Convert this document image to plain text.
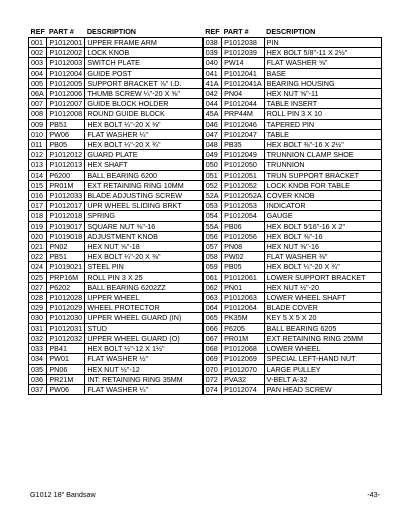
REF	PART #	DESCRIPTION
001	P1012001	UPPER FRAME ARM
002	P1012002	LOCK KNOB
003	P1012003	SWITCH PLATE
004	P1012004	GUIDE POST
005	P1012005	SUPPORT BRACKET ⅞" I.D.
06A	P1012006	THUMB SCREW ¼"-20 X ⅝"
007	P1012007	GUIDE BLOCK HOLDER
008	P1012008	ROUND GUIDE BLOCK
009	PB51	HEX BOLT ¼"-20 X ⅜"
010	PW06	FLAT WASHER ¼"
011	PB05	HEX BOLT ¼"-20 X ¾"
012	P1012012	GUARD PLATE
013	P1012013	HEX SHAFT
014	P6200	BALL BEARING 6200
015	PR01M	EXT RETAINING RING 10MM
016	P1012033	BLADE ADJUSTING SCREW
017	P1012017	UPR WHEEL SLIDING BRKT
018	P1012018	SPRING
019	P1019017	SQUARE NUT ⅜"-16
020	P1019018	ADJUSTMENT KNOB
021	PN02	HEX NUT ⅝"-18
022	PB51	HEX BOLT ¼"-20 X ⅜"
024	P1019021	STEEL PIN
025	PRP16M	ROLL PIN 3 X 25
027	P6202	BALL BEARING 6202ZZ
028	P1012028	UPPER WHEEL
029	P1012029	WHEEL PROTECTOR
030	P1012030	UPPER WHEEL GUARD (IN)
031	P1012031	STUD
032	P1012032	UPPER WHEEL GUARD (O)
033	PB41	HEX BOLT ½"-12 X 1½"
034	PW01	FLAT WASHER ½"
035	PN06	HEX NUT ½"-12
036	PR21M	INT. RETAINING RING 35MM
037	PW06	FLAT WASHER ¼"
REF	PART #	DESCRIPTION
038	P1012038	PIN
039	P1012039	HEX BOLT 5/8"-11 X 2½"
040	PW14	FLAT WASHER ⅝"
041	P1012041	BASE
41A	P1012041A	BEARING HOUSING
042	PN04	HEX NUT ⅝"-11
044	P1012044	TABLE INSERT
45A	PRP44M	ROLL PIN 3 X 10
046	P1012046	TAPERED PIN
047	P1012047	TABLE
048	PB35	HEX BOLT ⅜"-16 X 2½"
049	P1012049	TRUNNION CLAMP SHOE
050	P1012050	TRUNNION
051	P1012051	TRUN SUPPORT BRACKET
052	P1012052	LOCK KNOB FOR TABLE
52A	P1012052A	COVER KNOB
053	P1012053	INDICATOR
054	P1012054	GAUGE
55A	PB06	HEX BOLT 5⁄16"-16 X 2"
056	P1012056	HEX BOLT ⅜"-16
057	PN08	HEX NUT ⅜"-16
058	PW02	FLAT WASHER ⅜"
059	PB05	HEX BOLT ¼"-20 X ¾"
061	P1012061	LOWER SUPPORT BRACKET
062	PN01	HEX NUT ½"-20
063	P1012063	LOWER WHEEL SHAFT
064	P1012064	BLADE COVER
065	PK35M	KEY 5 X 5 X 20
066	P6205	BALL BEARING 6205
067	PR01M	EXT RETAINING RING 25MM
068	P1012068	LOWER WHEEL
069	P1012069	SPECIAL LEFT-HAND NUT
070	P1012070	LARGE PULLEY
072	PVA32	V-BELT A-32
074	P1012074	PAN HEAD SCREW
G1012 18" Bandsaw	-43-
